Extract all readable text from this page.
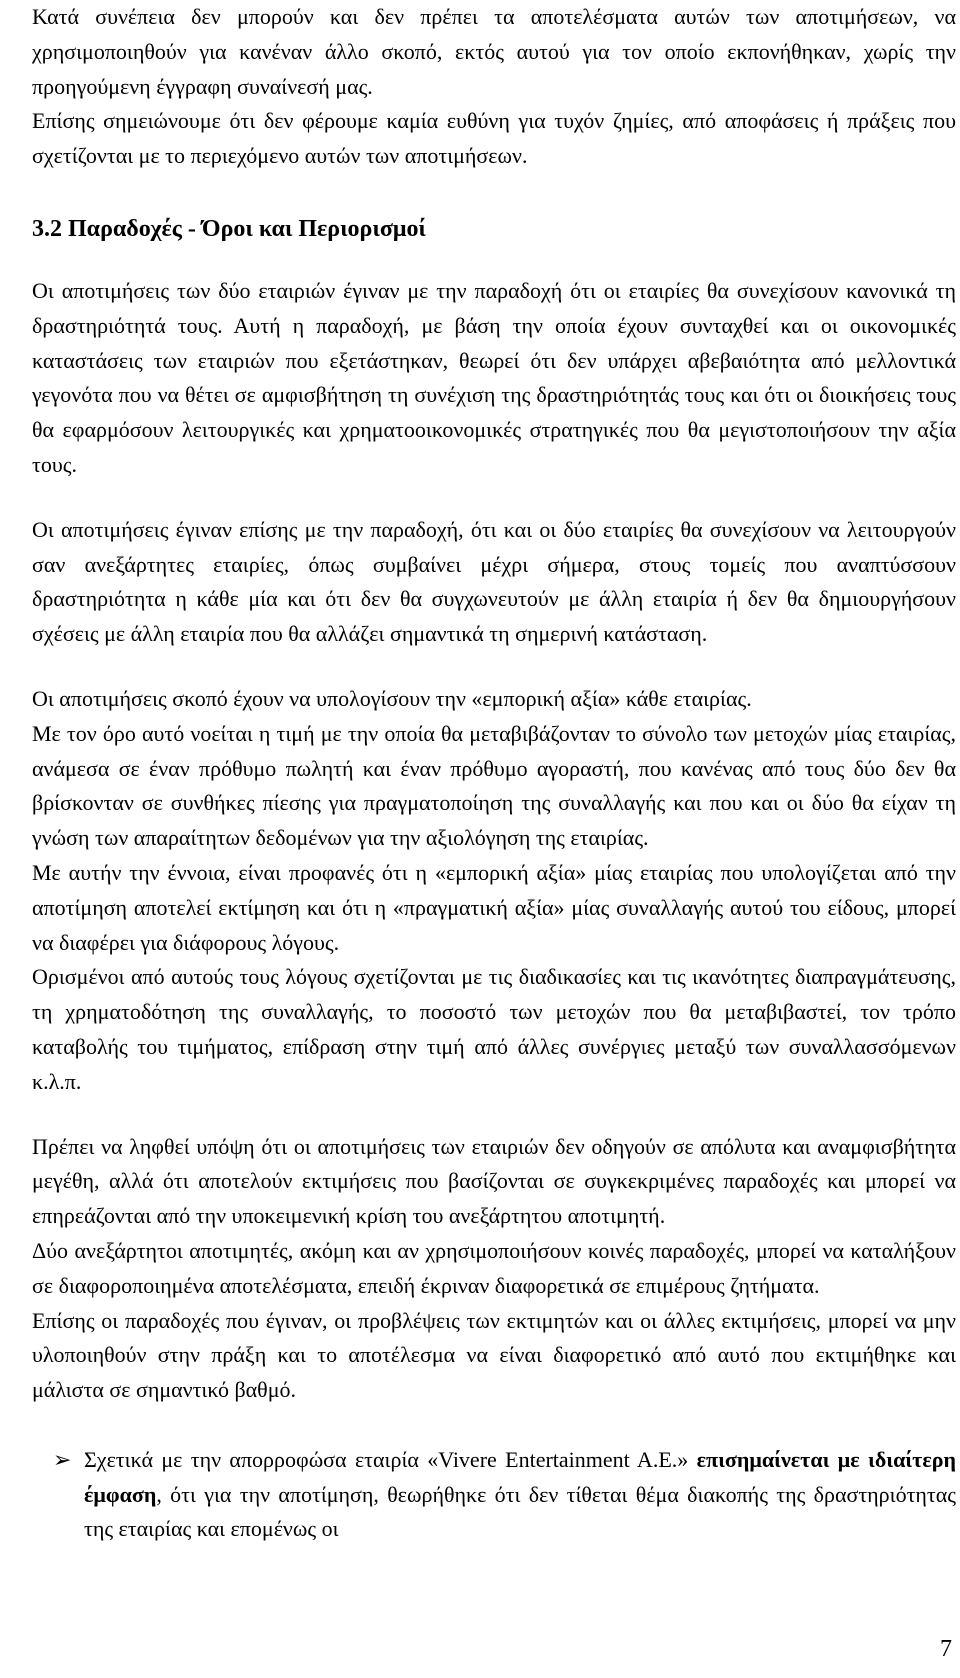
Κατά συνέπεια δεν μπορούν και δεν πρέπει τα αποτελέσματα αυτών των αποτιμήσεων, να χρησιμοποιηθούν για κανέναν άλλο σκοπό, εκτός αυτού για τον οποίο εκπονήθηκαν, χωρίς την προηγούμενη έγγραφη συναίνεσή μας.

Επίσης σημειώνουμε ότι δεν φέρουμε καμία ευθύνη για τυχόν ζημίες, από αποφάσεις ή πράξεις που σχετίζονται με το περιεχόμενο αυτών των αποτιμήσεων.

3.2 Παραδοχές - Όροι και Περιορισμοί

Οι αποτιμήσεις των δύο εταιριών έγιναν με την παραδοχή ότι οι εταιρίες θα συνεχίσουν κανονικά τη δραστηριότητά τους. Αυτή η παραδοχή, με βάση την οποία έχουν συνταχθεί και οι οικονομικές καταστάσεις των εταιριών που εξετάστηκαν, θεωρεί ότι δεν υπάρχει αβεβαιότητα από μελλοντικά γεγονότα που να θέτει σε αμφισβήτηση τη συνέχιση της δραστηριότητάς τους και ότι οι διοικήσεις τους θα εφαρμόσουν λειτουργικές και χρηματοοικονομικές στρατηγικές που θα μεγιστοποιήσουν την αξία τους.

Οι αποτιμήσεις έγιναν επίσης με την παραδοχή, ότι και οι δύο εταιρίες θα συνεχίσουν να λειτουργούν σαν ανεξάρτητες εταιρίες, όπως συμβαίνει μέχρι σήμερα, στους τομείς που αναπτύσσουν δραστηριότητα η κάθε μία και ότι δεν θα συγχωνευτούν με άλλη εταιρία ή δεν θα δημιουργήσουν σχέσεις με άλλη εταιρία που θα αλλάζει σημαντικά τη σημερινή κατάσταση.

Οι αποτιμήσεις σκοπό έχουν να υπολογίσουν την «εμπορική αξία» κάθε εταιρίας.

Με τον όρο αυτό νοείται η τιμή με την οποία θα μεταβιβάζονταν το σύνολο των μετοχών μίας εταιρίας, ανάμεσα σε έναν πρόθυμο πωλητή και έναν πρόθυμο αγοραστή, που κανένας από τους δύο δεν θα βρίσκονταν σε συνθήκες πίεσης για πραγματοποίηση της συναλλαγής και που και οι δύο θα είχαν τη γνώση των απαραίτητων δεδομένων για την αξιολόγηση της εταιρίας.

Με αυτήν την έννοια, είναι προφανές ότι η «εμπορική αξία» μίας εταιρίας που υπολογίζεται από την αποτίμηση αποτελεί εκτίμηση και ότι η «πραγματική αξία» μίας συναλλαγής αυτού του είδους, μπορεί να διαφέρει για διάφορους λόγους.

Ορισμένοι από αυτούς τους λόγους σχετίζονται με τις διαδικασίες και τις ικανότητες διαπραγμάτευσης, τη χρηματοδότηση της συναλλαγής, το ποσοστό των μετοχών που θα μεταβιβαστεί, τον τρόπο καταβολής του τιμήματος, επίδραση στην τιμή από άλλες συνέργιες μεταξύ των συναλλασσόμενων κ.λ.π.

Πρέπει να ληφθεί υπόψη ότι οι αποτιμήσεις των εταιριών δεν οδηγούν σε απόλυτα και αναμφισβήτητα μεγέθη, αλλά ότι αποτελούν εκτιμήσεις που βασίζονται σε συγκεκριμένες παραδοχές και μπορεί να επηρεάζονται από την υποκειμενική κρίση του ανεξάρτητου αποτιμητή.

Δύο ανεξάρτητοι αποτιμητές, ακόμη και αν χρησιμοποιήσουν κοινές παραδοχές, μπορεί να καταλήξουν σε διαφοροποιημένα αποτελέσματα, επειδή έκριναν διαφορετικά σε επιμέρους ζητήματα.

Επίσης οι παραδοχές που έγιναν, οι προβλέψεις των εκτιμητών και οι άλλες εκτιμήσεις, μπορεί να μην υλοποιηθούν στην πράξη και το αποτέλεσμα να είναι διαφορετικό από αυτό που εκτιμήθηκε και μάλιστα σε σημαντικό βαθμό.

➢ Σχετικά με την απορροφώσα εταιρία «Vivere Entertainment A.E.» επισημαίνεται με ιδιαίτερη έμφαση, ότι για την αποτίμηση, θεωρήθηκε ότι δεν τίθεται θέμα διακοπής της δραστηριότητας της εταιρίας και επομένως οι

7
